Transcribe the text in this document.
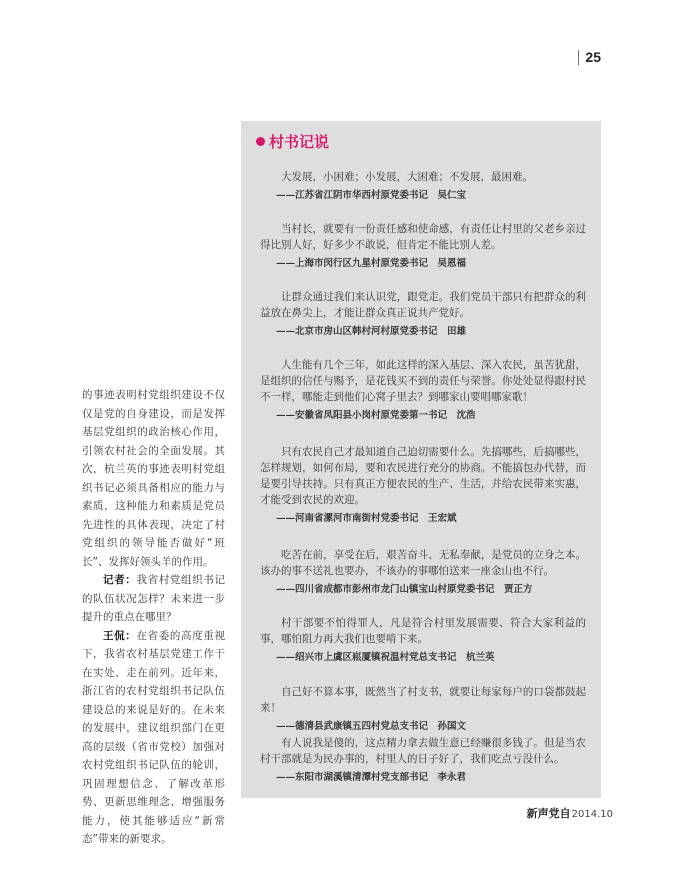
25

的事迹表明村党组织建设不仅仅是党的自身建设，而是发挥基层党组织的政治核心作用，引领农村社会的全面发展。其次，杭兰英的事迹表明村党组织书记必须具备相应的能力与素质，这种能力和素质是党员先进性的具体表现，决定了村党组织的领导能否做好“班长”、发挥好领头羊的作用。

记者：我省村党组织书记的队伍状况怎样？未来进一步提升的重点在哪里？

王侃：在省委的高度重视下，我省农村基层党建工作干在实处、走在前列。近年来，浙江省的农村党组织书记队伍建设总的来说是好的。在未来的发展中，建议组织部门在更高的层级（省市党校）加强对农村党组织书记队伍的轮训，巩固理想信念、了解改革形势、更新思维理念、增强服务能力，使其能够适应“新常态”带来的新要求。

村书记说

大发展，小困难；小发展，大困难；不发展，最困难。

——江苏省江阴市华西村原党委书记　吴仁宝

当村长，就要有一份责任感和使命感，有责任让村里的父老乡亲过得比别人好，好多少不敢说，但肯定不能比别人差。

——上海市闵行区九星村原党委书记　吴恩福

让群众通过我们来认识党，跟党走。我们党员干部只有把群众的利益放在鼻尖上，才能让群众真正说共产党好。

——北京市房山区韩村河村原党委书记　田雄

人生能有几个三年，如此这样的深入基层、深入农民，虽苦犹甜，是组织的信任与赐予，是花钱买不到的责任与荣誉。你处处显得跟村民不一样，哪能走到他们心窝子里去？到哪家山要唱哪家歌！

——安徽省凤阳县小岗村原党委第一书记　沈浩

只有农民自己才最知道自己迫切需要什么。先搞哪些，后搞哪些，怎样规划，如何布局，要和农民进行充分的协商。不能搞包办代替，而是要引导扶持。只有真正方便农民的生产、生活，并给农民带来实惠，才能受到农民的欢迎。

——河南省漯河市南街村党委书记　王宏斌

吃苦在前，享受在后，艰苦奋斗、无私奉献，是党员的立身之本。该办的事不送礼也要办，不该办的事哪怕送来一座金山也不行。

——四川省成都市彭州市龙门山镇宝山村原党委书记　贾正方

村干部要不怕得罪人，凡是符合村里发展需要、符合大家利益的事，哪怕阻力再大我们也要啃下来。

——绍兴市上虞区崧厦镇祝温村党总支书记　杭兰英

自己好不算本事，既然当了村支书，就要让每家每户的口袋都鼓起来！

——德清县武康镇五四村党总支书记　孙国文

有人说我是傻的，这点精力拿去做生意已经赚很多钱了。但是当农村干部就是为民办事的，村里人的日子好了，我们吃点亏没什么。

——东阳市湖溪镇清潭村党支部书记　李永君

新声党自2014.10
